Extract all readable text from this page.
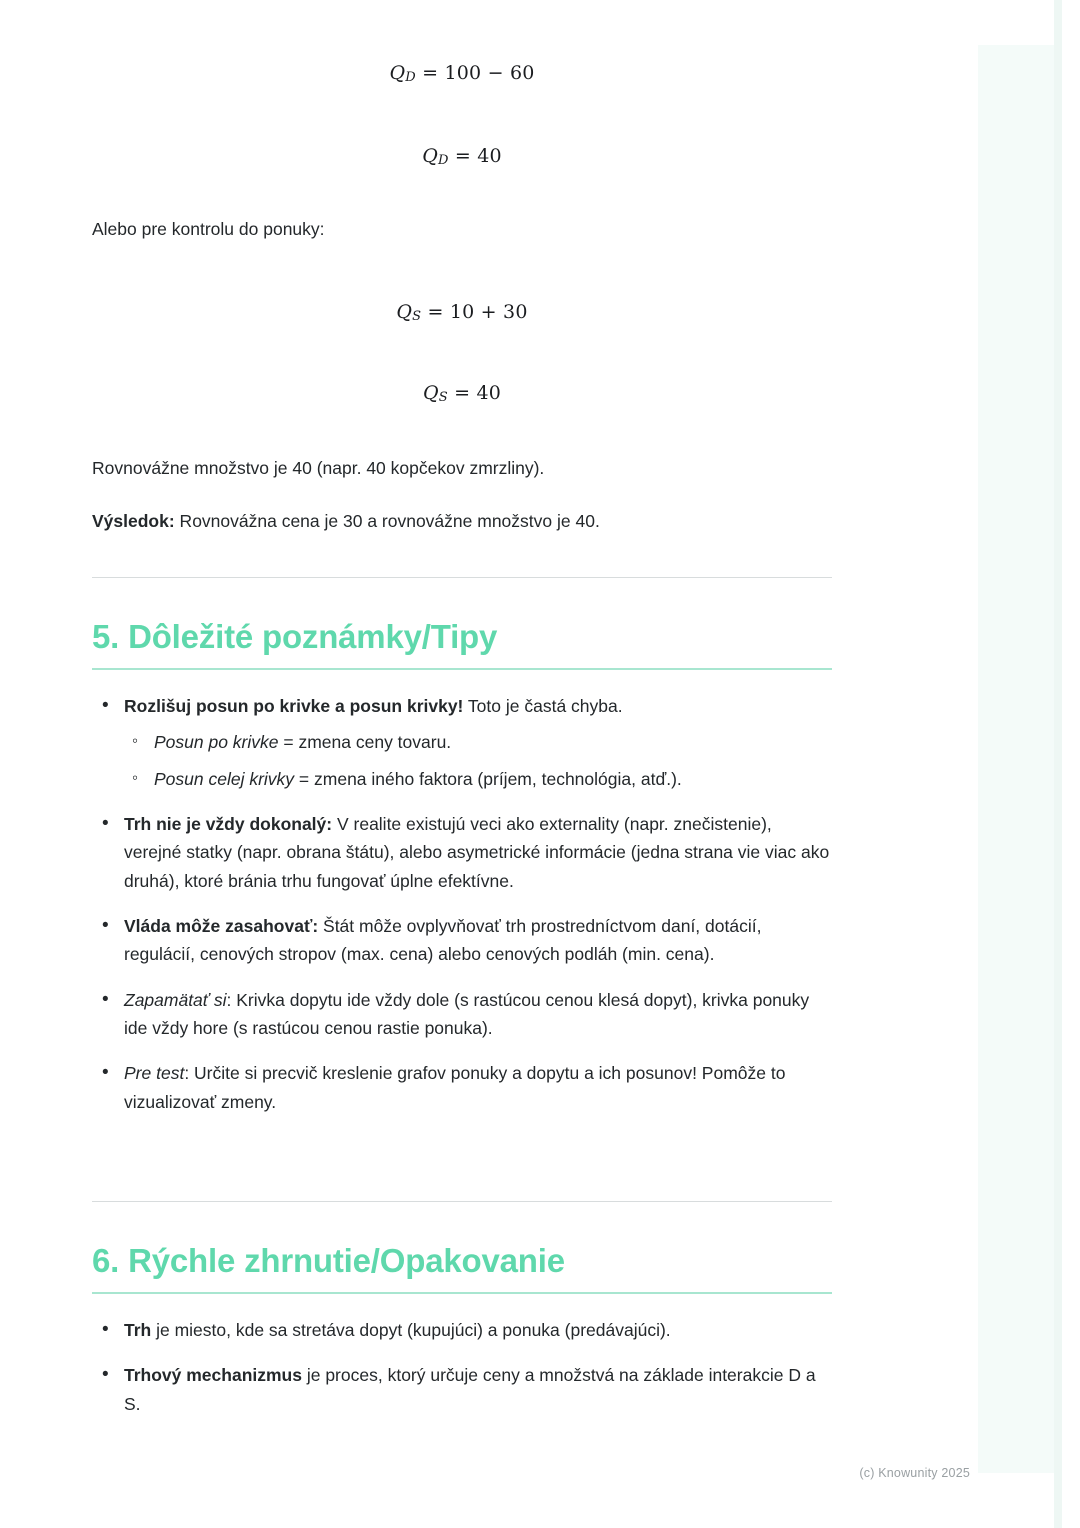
QD = 100 − 60
QD = 40

Alebo pre kontrolu do ponuky:

QS = 10 + 30
QS = 40

Rovnovážne množstvo je 40 (napr. 40 kopčekov zmrzliny).

Výsledok: Rovnovážna cena je 30 a rovnovážne množstvo je 40.

5. Dôležité poznámky/Tipy
• Rozlišuj posun po krivke a posun krivky! Toto je častá chyba.
◦ Posun po krivke = zmena ceny tovaru.
◦ Posun celej krivky = zmena iného faktora (príjem, technológia, atď.).
• Trh nie je vždy dokonalý: V realite existujú veci ako externality (napr. znečistenie), verejné statky (napr. obrana štátu), alebo asymetrické informácie (jedna strana vie viac ako druhá), ktoré bránia trhu fungovať úplne efektívne.
• Vláda môže zasahovať: Štát môže ovplyvňovať trh prostredníctvom daní, dotácií, regulácií, cenových stropov (max. cena) alebo cenových podláh (min. cena).
• Zapamätať si: Krivka dopytu ide vždy dole (s rastúcou cenou klesá dopyt), krivka ponuky ide vždy hore (s rastúcou cenou rastie ponuka).
• Pre test: Určite si precvič kreslenie grafov ponuky a dopytu a ich posunov! Pomôže to vizualizovať zmeny.
6. Rýchle zhrnutie/Opakovanie
• Trh je miesto, kde sa stretáva dopyt (kupujúci) a ponuka (predávajúci).
• Trhový mechanizmus je proces, ktorý určuje ceny a množstvá na základe interakcie D a S.
(c) Knowunity 2025
